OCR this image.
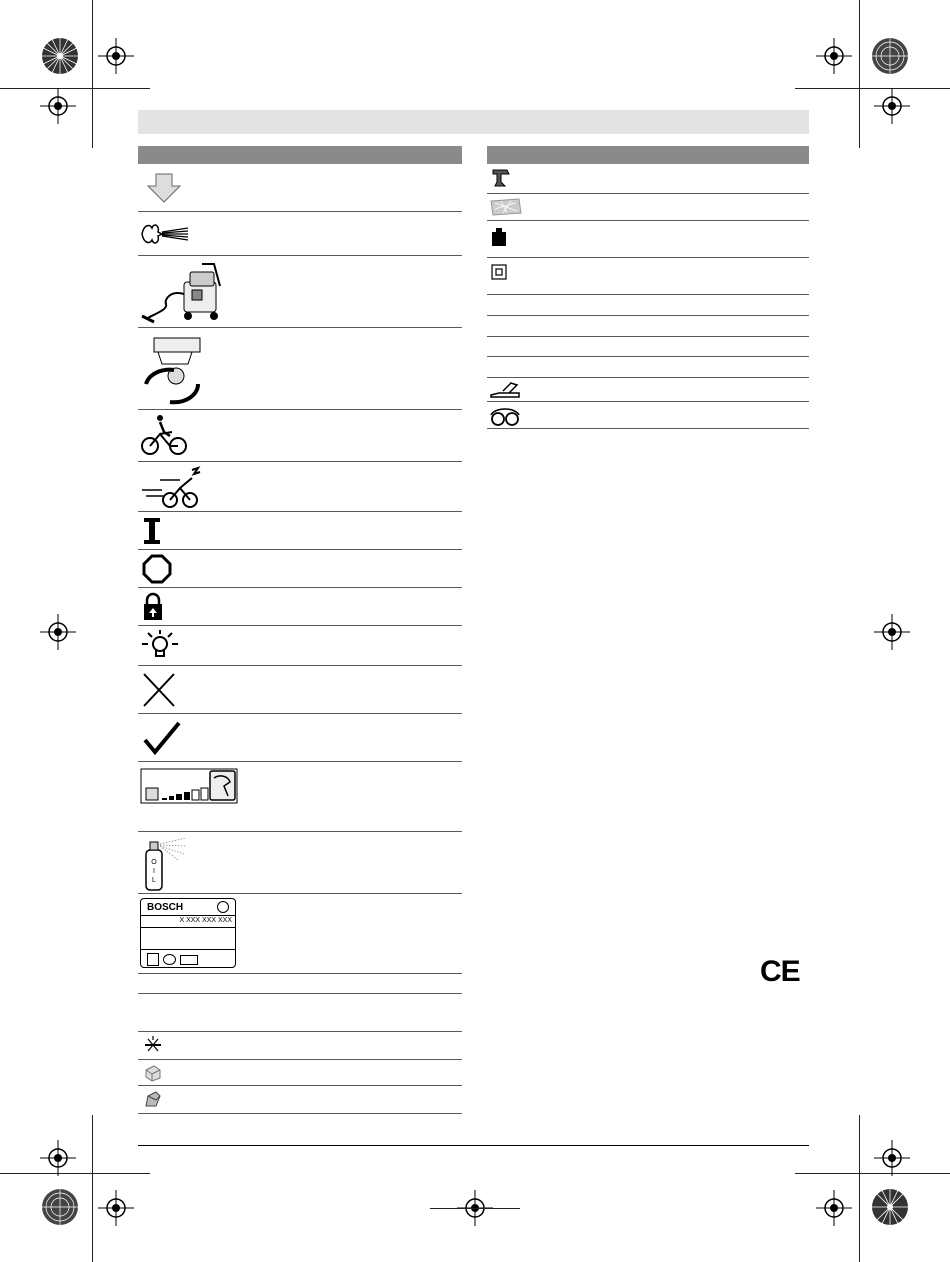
O
I
L
BOSCH
X XXX XXX XXX
CE
